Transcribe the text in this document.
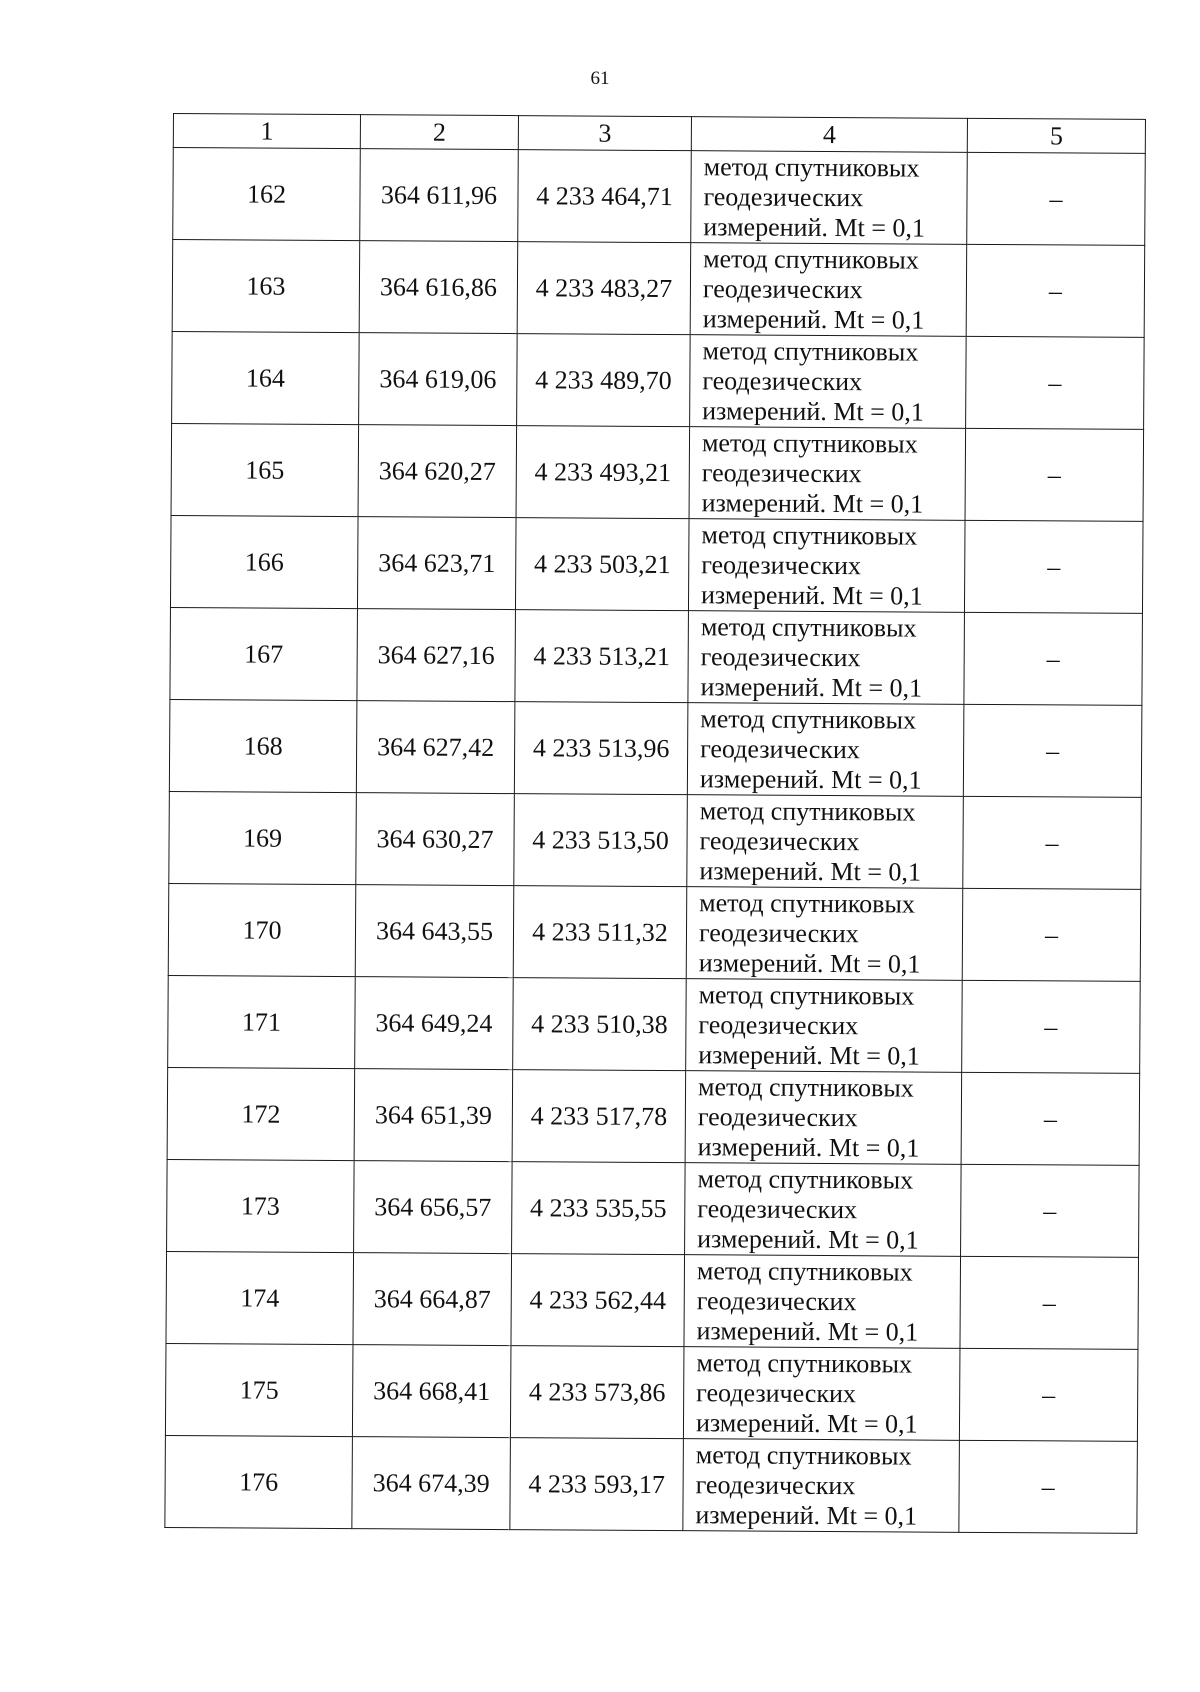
61
1	2	3	4	5
162	364 611,96	4 233 464,71	метод спутниковых
геодезических
измерений. Mt = 0,1	–
163	364 616,86	4 233 483,27	метод спутниковых
геодезических
измерений. Mt = 0,1	–
164	364 619,06	4 233 489,70	метод спутниковых
геодезических
измерений. Mt = 0,1	–
165	364 620,27	4 233 493,21	метод спутниковых
геодезических
измерений. Mt = 0,1	–
166	364 623,71	4 233 503,21	метод спутниковых
геодезических
измерений. Mt = 0,1	–
167	364 627,16	4 233 513,21	метод спутниковых
геодезических
измерений. Mt = 0,1	–
168	364 627,42	4 233 513,96	метод спутниковых
геодезических
измерений. Mt = 0,1	–
169	364 630,27	4 233 513,50	метод спутниковых
геодезических
измерений. Mt = 0,1	–
170	364 643,55	4 233 511,32	метод спутниковых
геодезических
измерений. Mt = 0,1	–
171	364 649,24	4 233 510,38	метод спутниковых
геодезических
измерений. Mt = 0,1	–
172	364 651,39	4 233 517,78	метод спутниковых
геодезических
измерений. Mt = 0,1	–
173	364 656,57	4 233 535,55	метод спутниковых
геодезических
измерений. Mt = 0,1	–
174	364 664,87	4 233 562,44	метод спутниковых
геодезических
измерений. Mt = 0,1	–
175	364 668,41	4 233 573,86	метод спутниковых
геодезических
измерений. Mt = 0,1	–
176	364 674,39	4 233 593,17	метод спутниковых
геодезических
измерений. Mt = 0,1	–
